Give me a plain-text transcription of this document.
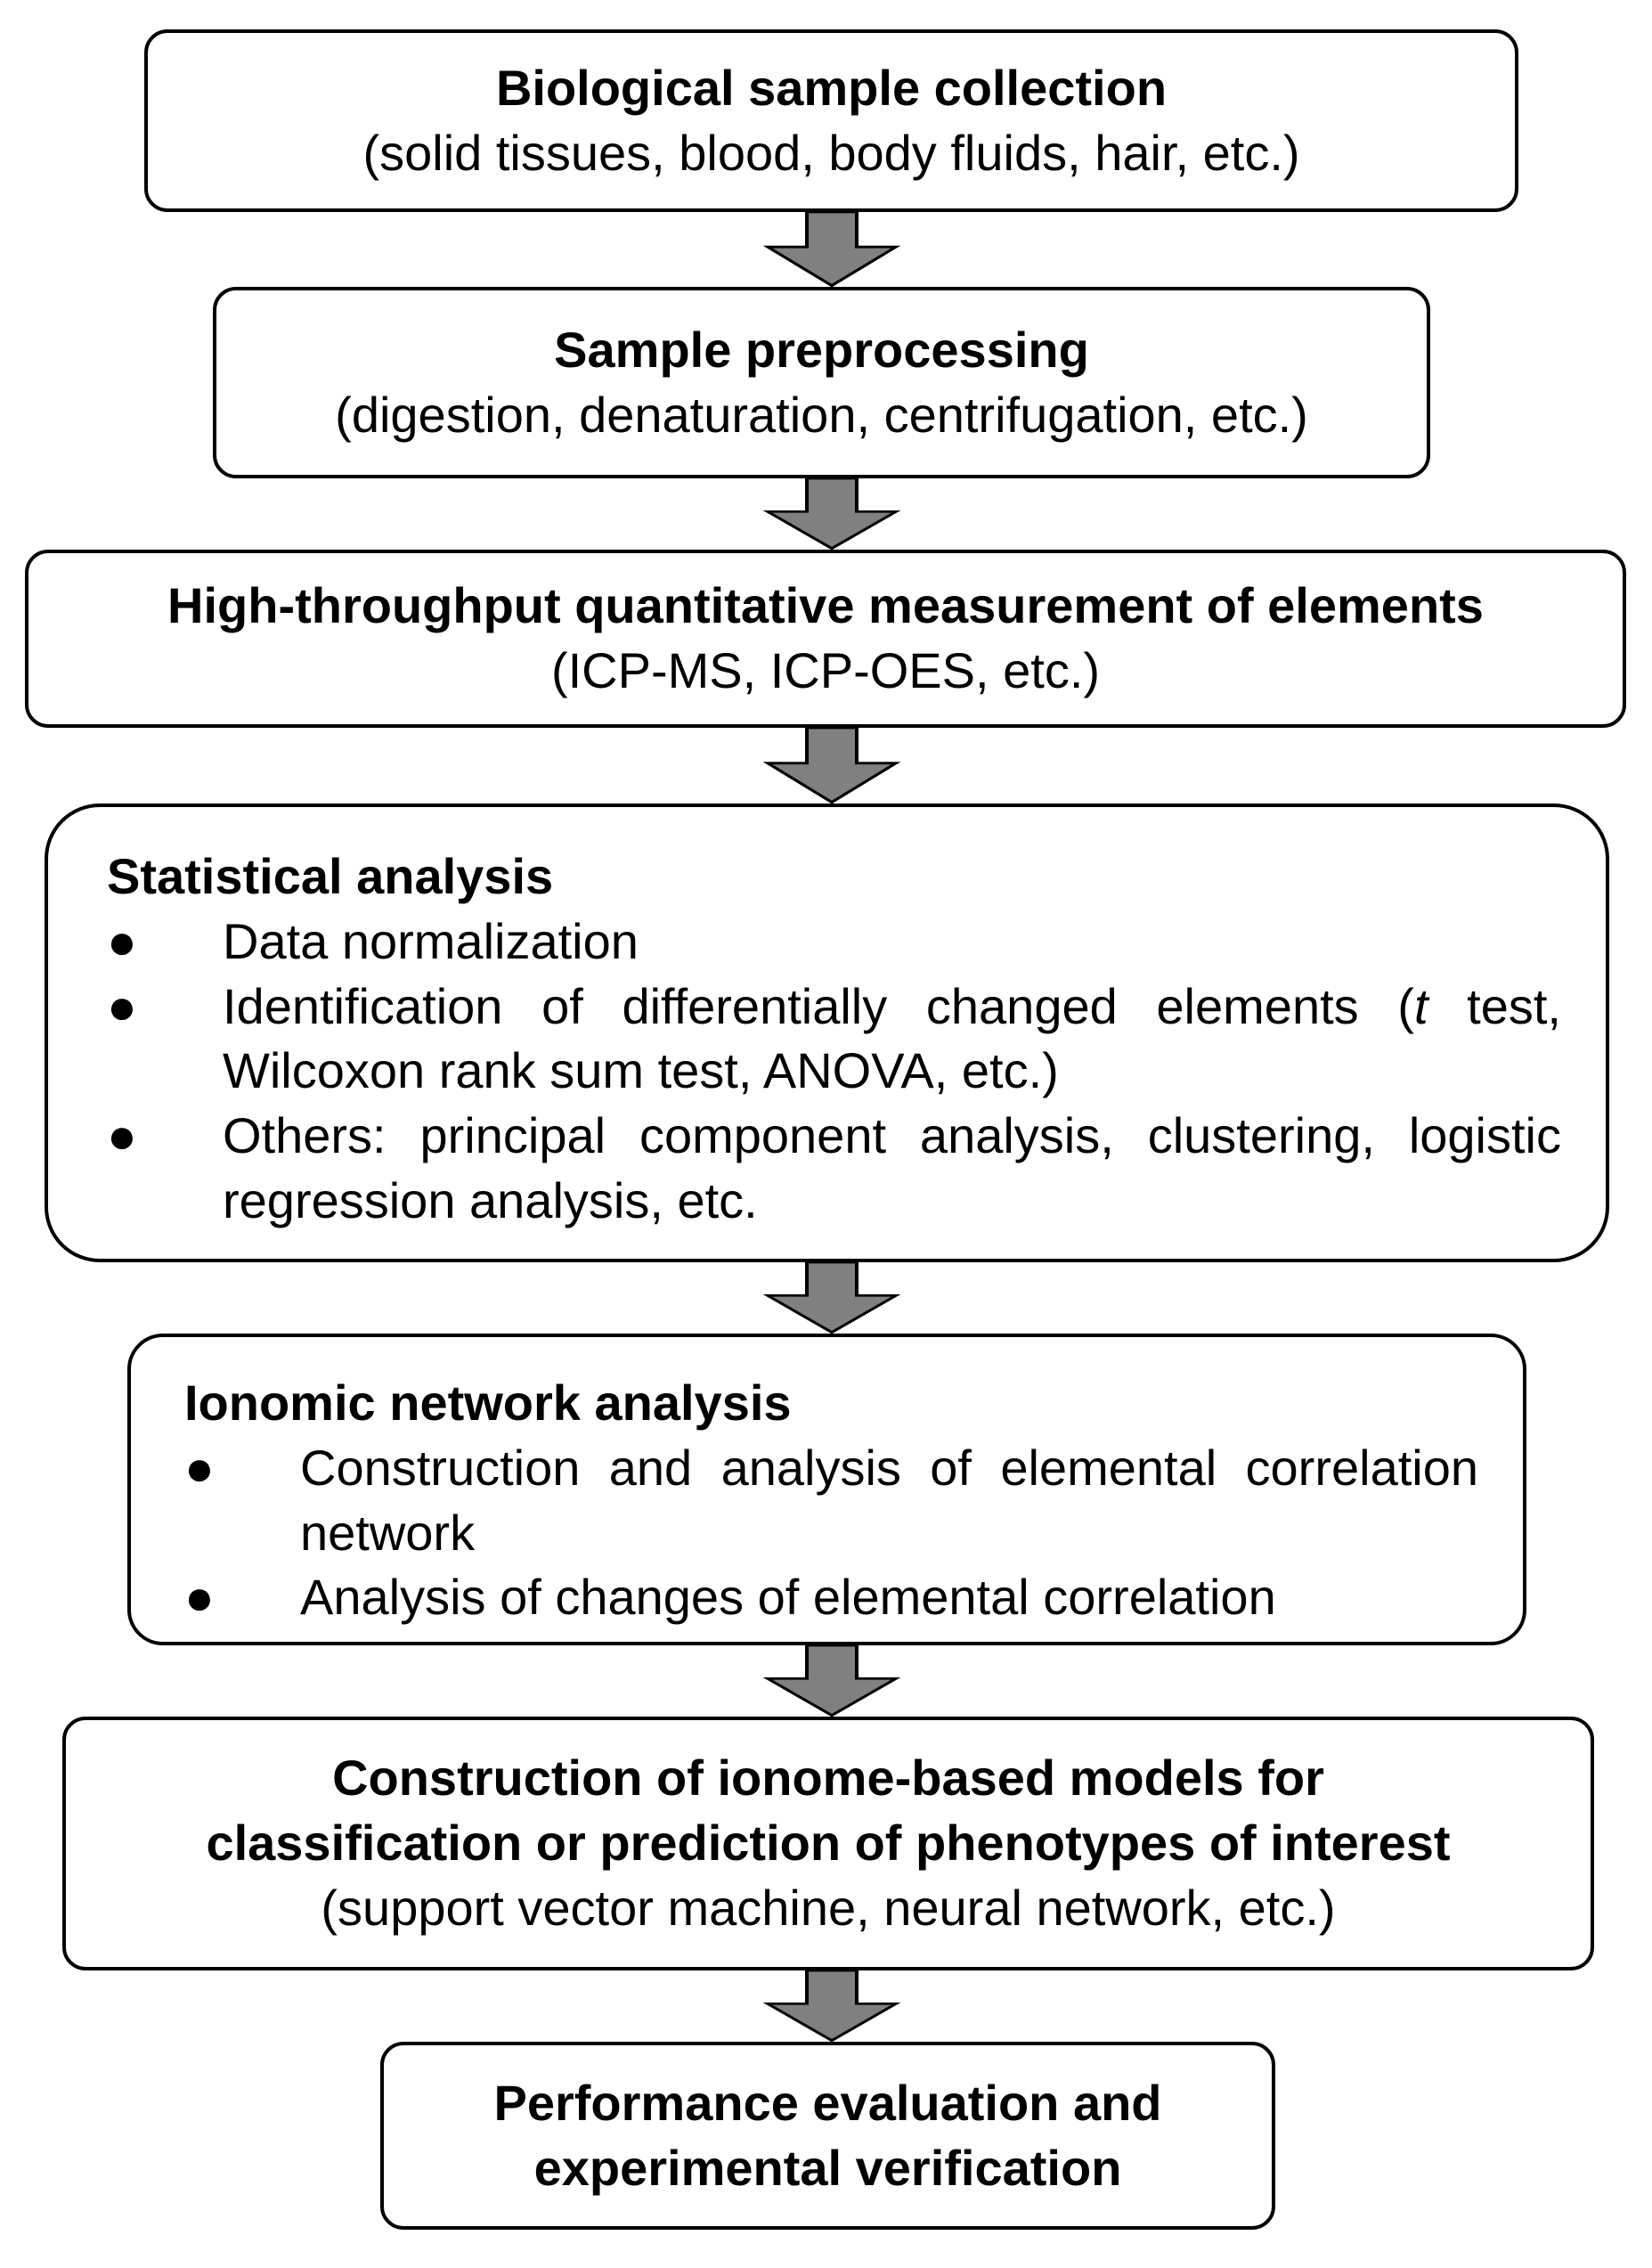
Biological sample collection
(solid tissues, blood, body fluids, hair, etc.)
Sample preprocessing
(digestion, denaturation, centrifugation, etc.)
High-throughput quantitative measurement of elements
(ICP-MS, ICP-OES, etc.)
Statistical analysis
●	Data normalization
●	Identification of differentially changed elements (t test, Wilcoxon rank sum test, ANOVA, etc.)
●	Others: principal component analysis, clustering, logistic regression analysis, etc.
Ionomic network analysis
●	Construction and analysis of elemental correlation network
●	Analysis of changes of elemental correlation
Construction of ionome-based models for
classification or prediction of phenotypes of interest
(support vector machine, neural network, etc.)
Performance evaluation and
experimental verification
